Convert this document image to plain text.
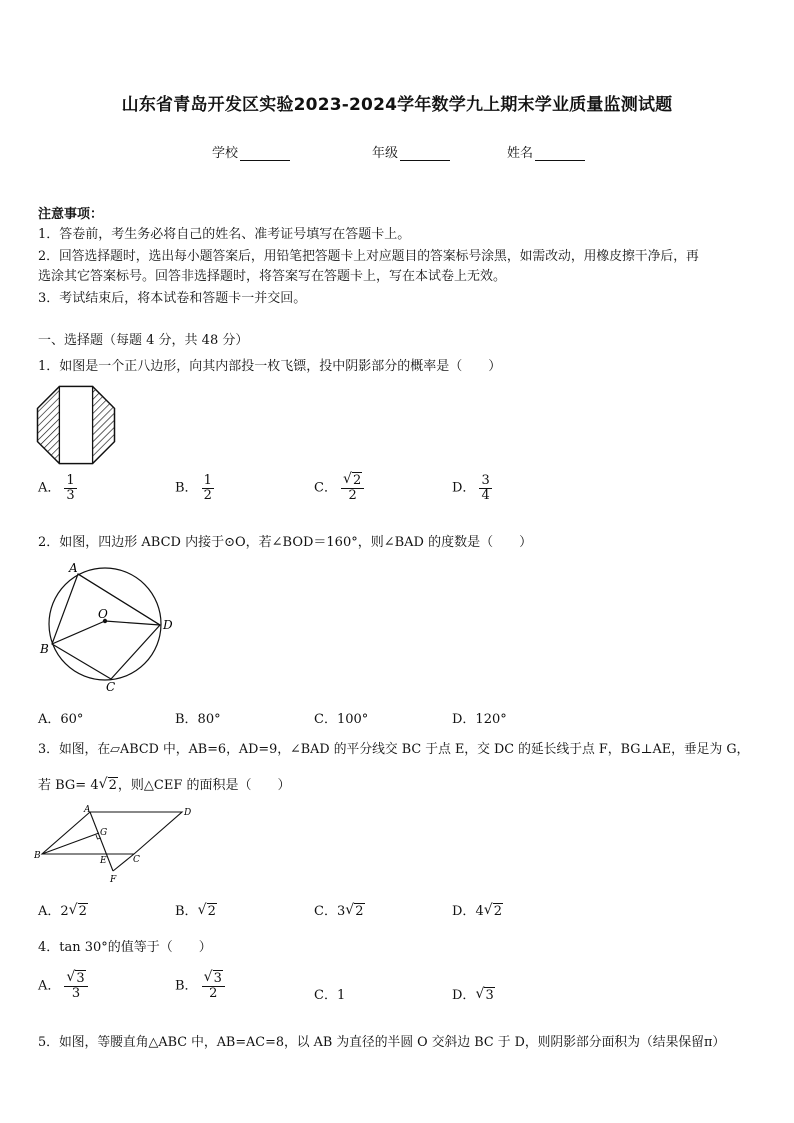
山东省青岛开发区实验2023-2024学年数学九上期末学业质量监测试题
学校	年级	姓名
注意事项：
1．答卷前，考生务必将自己的姓名、准考证号填写在答题卡上。
2．回答选择题时，选出每小题答案后，用铅笔把答题卡上对应题目的答案标号涂黑，如需改动，用橡皮擦干净后，再
选涂其它答案标号。回答非选择题时，将答案写在答题卡上，写在本试卷上无效。
3．考试结束后，将本试卷和答题卡一并交回。
一、选择题（每题 4 分，共 48 分）
1．如图是一个正八边形，向其内部投一枚飞镖，投中阴影部分的概率是（　　）
A． $\frac{1}{3}$	B． $\frac{1}{2}$	C． √ $\frac{2}{2}$	D． $\frac{3}{4}$
2．如图，四边形 ABCD 内接于⊙O，若∠BOD＝160°，则∠BAD 的度数是（　　）
A
B
C
D
O
A．60°	B．80°	C．100°	D．120°
3．如图，在▱ABCD 中，AB=6，AD=9，∠BAD 的平分线交 BC 于点 E，交 DC 的延长线于点 F，BG⊥AE，垂足为 G，
若 BG= 4 √ 2，则△CEF 的面积是（　　）
A	D
B	C
G
E
F
A．2 √ 2	B． √ 2	C．3 √ 2	D．4 √ 2
4．tan 30°的值等于（　　）
A． √ $\frac{3}{3}$	B． √ $\frac{3}{2}$	C．1	D． √ 3
5．如图，等腰直角△ABC 中，AB=AC=8，以 AB 为直径的半圆 O 交斜边 BC 于 D，则阴影部分面积为（结果保留π）
